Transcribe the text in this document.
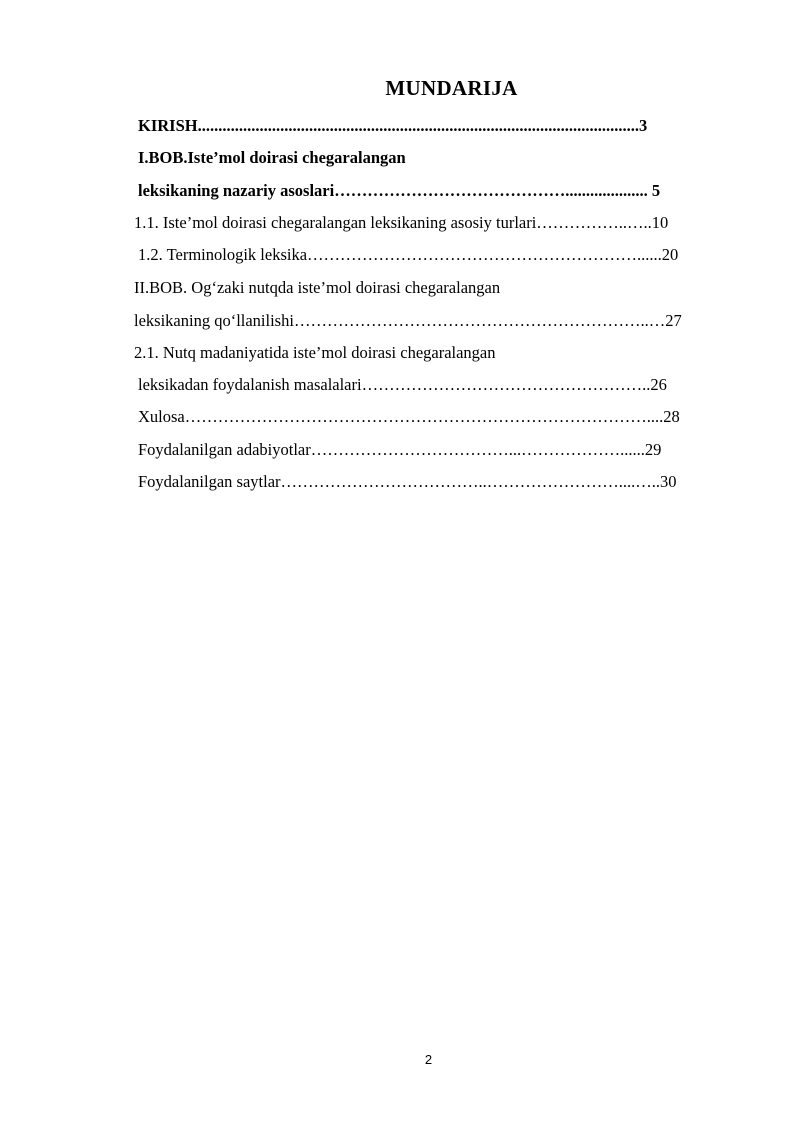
MUNDARIJA
KIRISH...........................................................................................................3
I.BOB.Iste’mol doirasi chegaralangan
leksikaning nazariy asoslari…………………………………….................... 5
1.1. Iste’mol doirasi chegaralangan leksikaning asosiy turlari……………..…..10
1.2. Terminologik leksika……………………………………………………......20
II.BOB. Og‘zaki nutqda iste’mol doirasi chegaralangan
leksikaning qo‘llanilishi………………………………………………………..…27
2.1. Nutq madaniyatida iste’mol doirasi chegaralangan
leksikadan foydalanish masalalari……………………………………………..26
Xulosa…………………………………………………………………………....28
Foydalanilgan adabiyotlar………………………………...………………......29
Foydalanilgan saytlar………………………………..……………………....…..30
2
